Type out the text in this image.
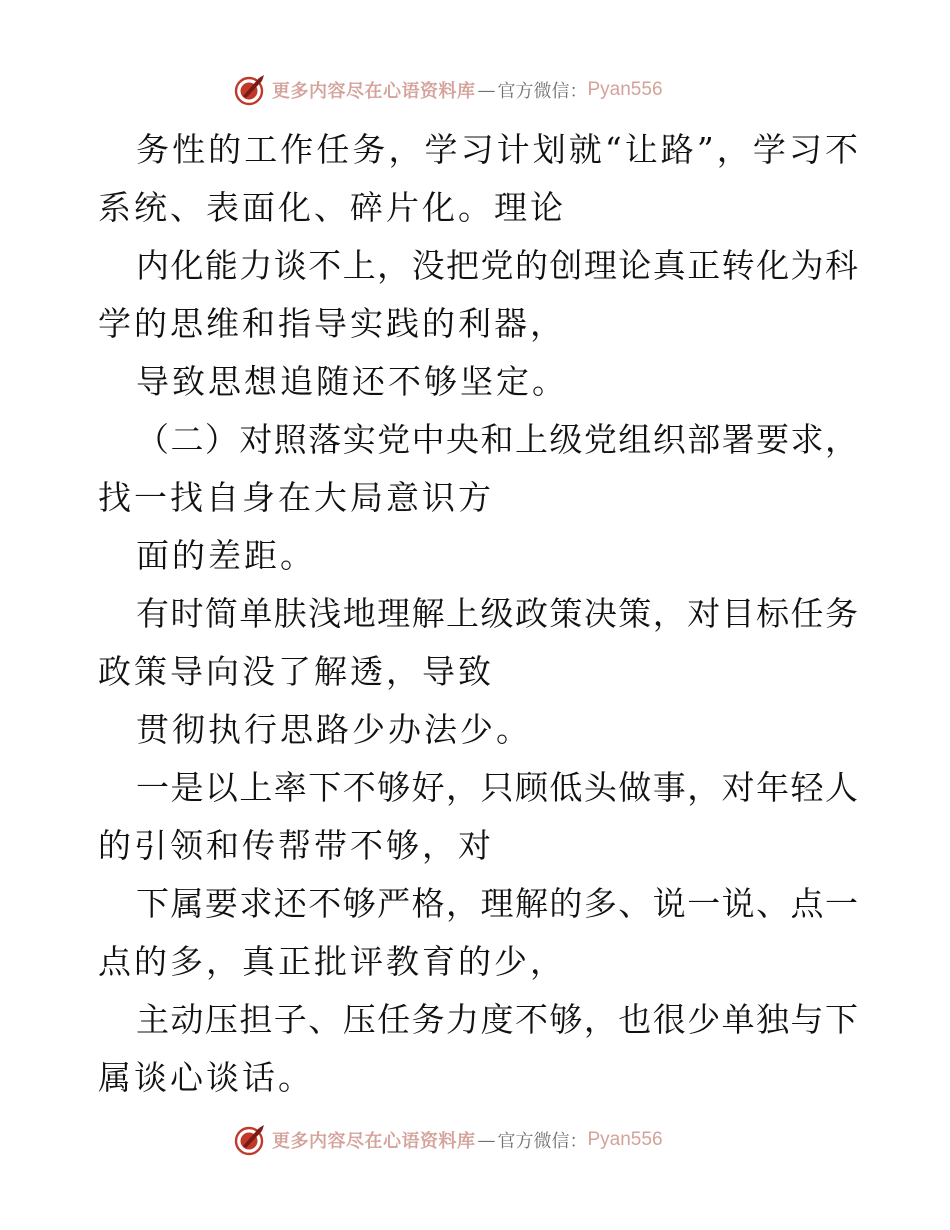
更多内容尽在心语资料库 — 官方微信： Pyan556
务性的工作任务，学习计划就“让路”，学习不
系统、表面化、碎片化。理论
内化能力谈不上，没把党的创理论真正转化为科
学的思维和指导实践的利器，
导致思想追随还不够坚定。
（二）对照落实党中央和上级党组织部署要求，
找一找自身在大局意识方
面的差距。
有时简单肤浅地理解上级政策决策，对目标任务
政策导向没了解透，导致
贯彻执行思路少办法少。
一是以上率下不够好，只顾低头做事，对年轻人
的引领和传帮带不够，对
下属要求还不够严格，理解的多、说一说、点一
点的多，真正批评教育的少，
主动压担子、压任务力度不够，也很少单独与下
属谈心谈话。
更多内容尽在心语资料库 — 官方微信： Pyan556
